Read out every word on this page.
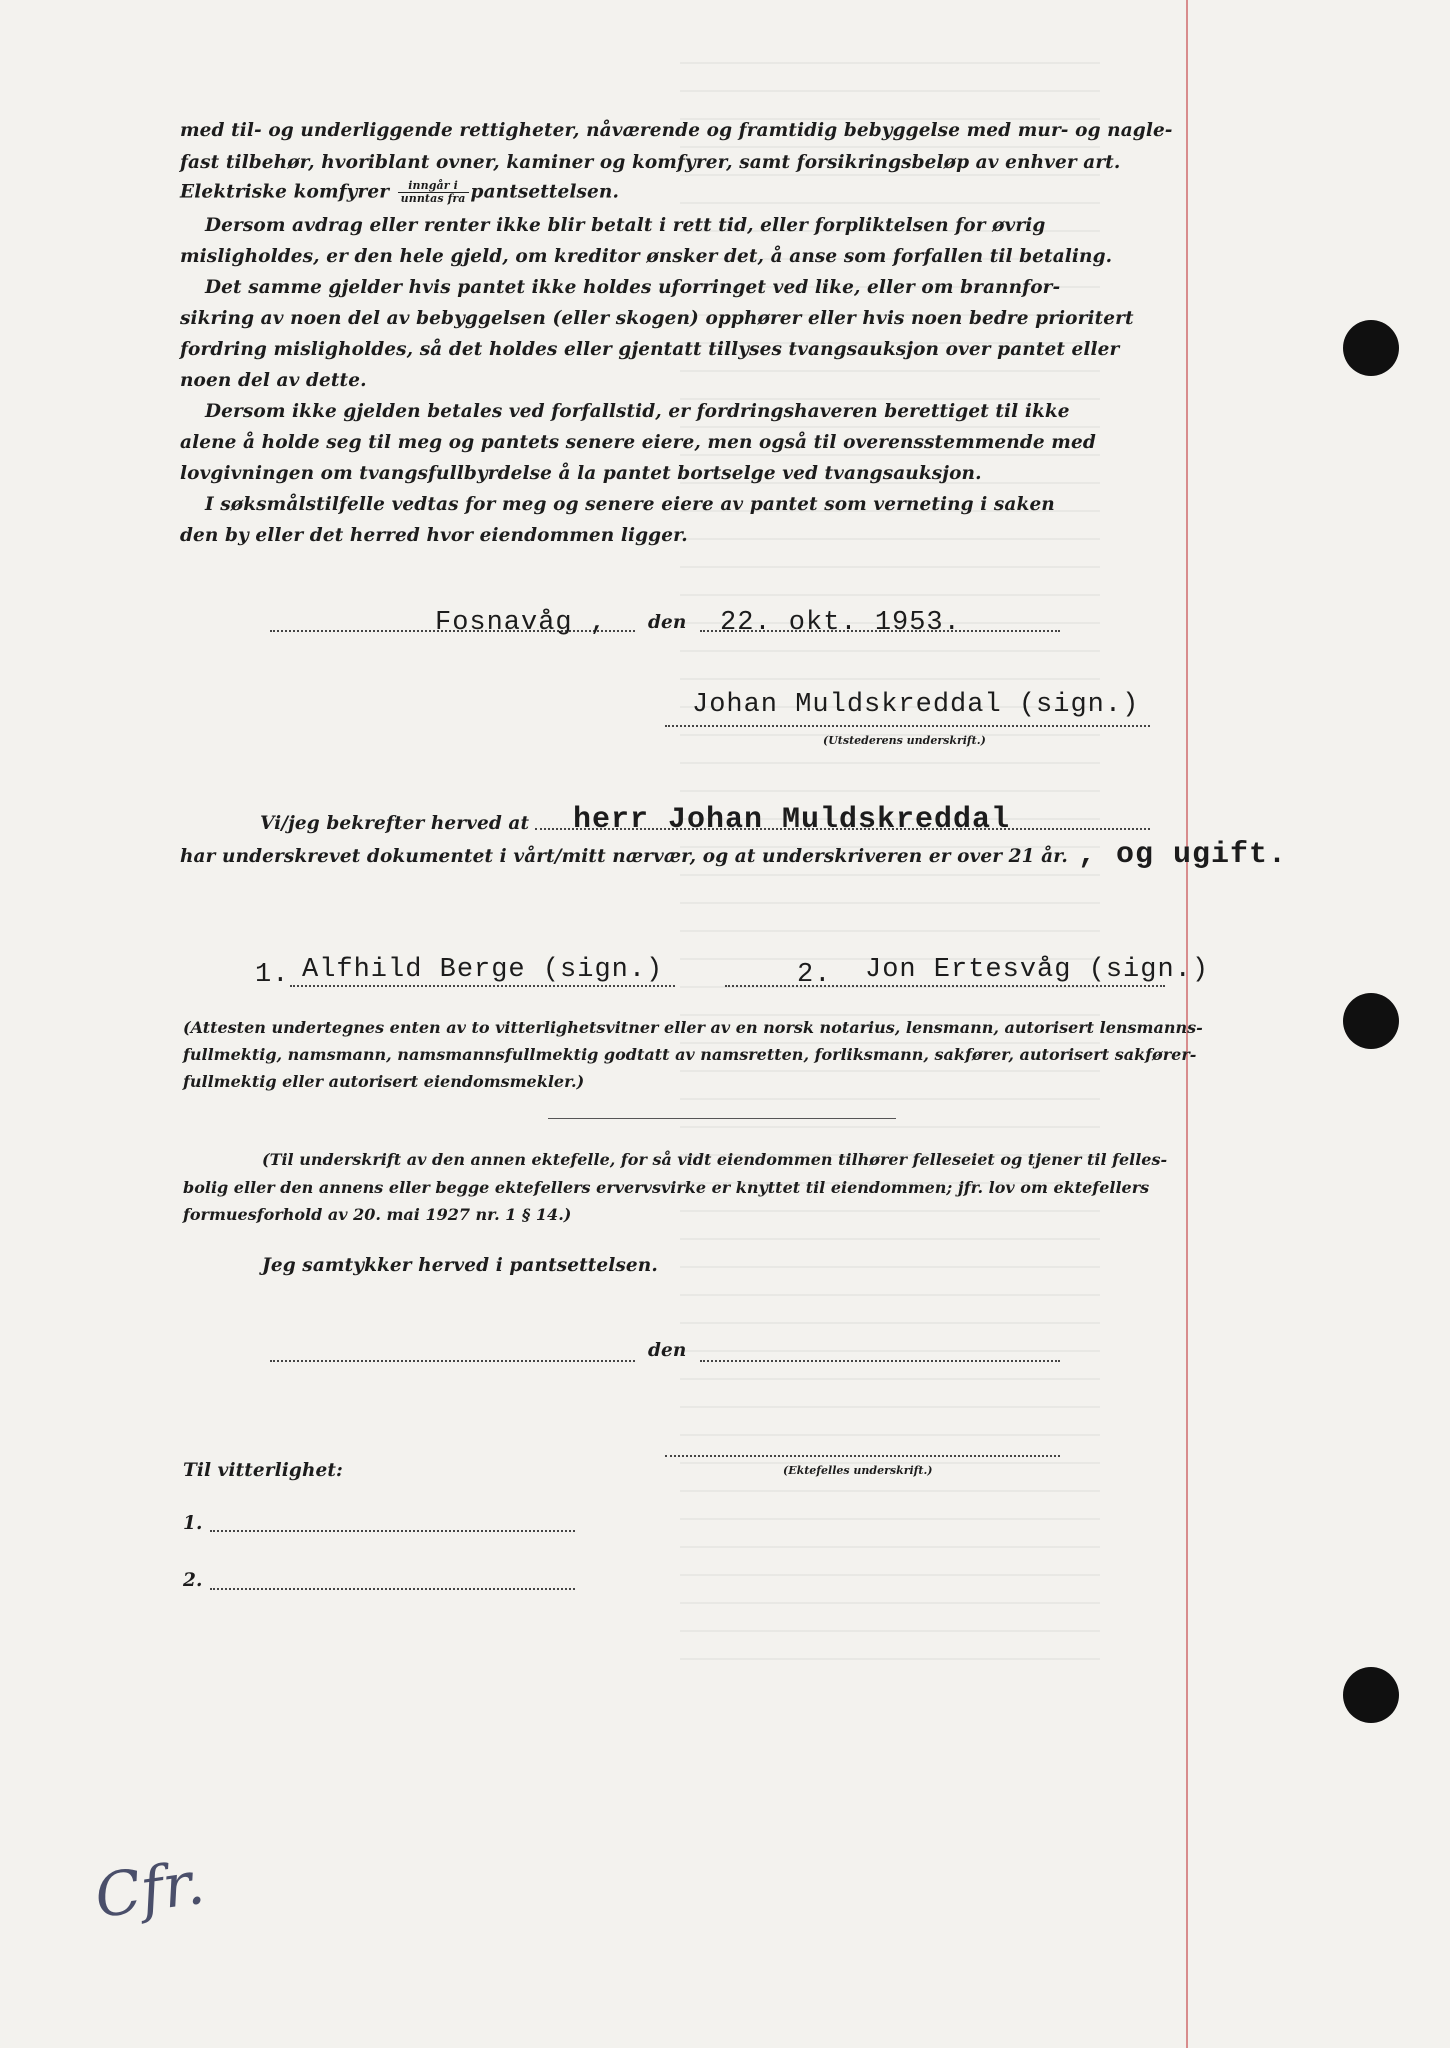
med til- og underliggende rettigheter, nåværende og framtidig bebyggelse med mur- og nagle-
fast tilbehør, hvoriblant ovner, kaminer og komfyrer, samt forsikringsbeløp av enhver art.
Elektriske komfyrer $\frac{\text{inngår i}}{\text{unntas fra}}$ pantsettelsen.
Dersom avdrag eller renter ikke blir betalt i rett tid, eller forpliktelsen for øvrig
misligholdes, er den hele gjeld, om kreditor ønsker det, å anse som forfallen til betaling.
Det samme gjelder hvis pantet ikke holdes uforringet ved like, eller om brannfor-
sikring av noen del av bebyggelsen (eller skogen) opphører eller hvis noen bedre prioritert
fordring misligholdes, så det holdes eller gjentatt tillyses tvangsauksjon over pantet eller
noen del av dette.
Dersom ikke gjelden betales ved forfallstid, er fordringshaveren berettiget til ikke
alene å holde seg til meg og pantets senere eiere, men også til overensstemmende med
lovgivningen om tvangsfullbyrdelse å la pantet bortselge ved tvangsauksjon.
I søksmålstilfelle vedtas for meg og senere eiere av pantet som verneting i saken
den by eller det herred hvor eiendommen ligger.
Fosnavåg , den 22. okt. 1953.
Johan Muldskreddal (sign.)
(Utstederens underskrift.)
Vi/jeg bekrefter herved at herr Johan Muldskreddal
har underskrevet dokumentet i vårt/mitt nærvær, og at underskriveren er over 21 år. , og ugift.
1. Alfhild Berge (sign.)	2. Jon Ertesvåg (sign.)
(Attesten undertegnes enten av to vitterlighetsvitner eller av en norsk notarius, lensmann, autorisert lensmanns-
fullmektig, namsmann, namsmannsfullmektig godtatt av namsretten, forliksmann, sakfører, autorisert sakfører-
fullmektig eller autorisert eiendomsmekler.)
(Til underskrift av den annen ektefelle, for så vidt eiendommen tilhører felleseiet og tjener til felles-
bolig eller den annens eller begge ektefellers ervervsvirke er knyttet til eiendommen; jfr. lov om ektefellers
formuesforhold av 20. mai 1927 nr. 1 § 14.)
Jeg samtykker herved i pantsettelsen.
den
(Ektefelles underskrift.)
Til vitterlighet:
1.
2.
Cfr.
